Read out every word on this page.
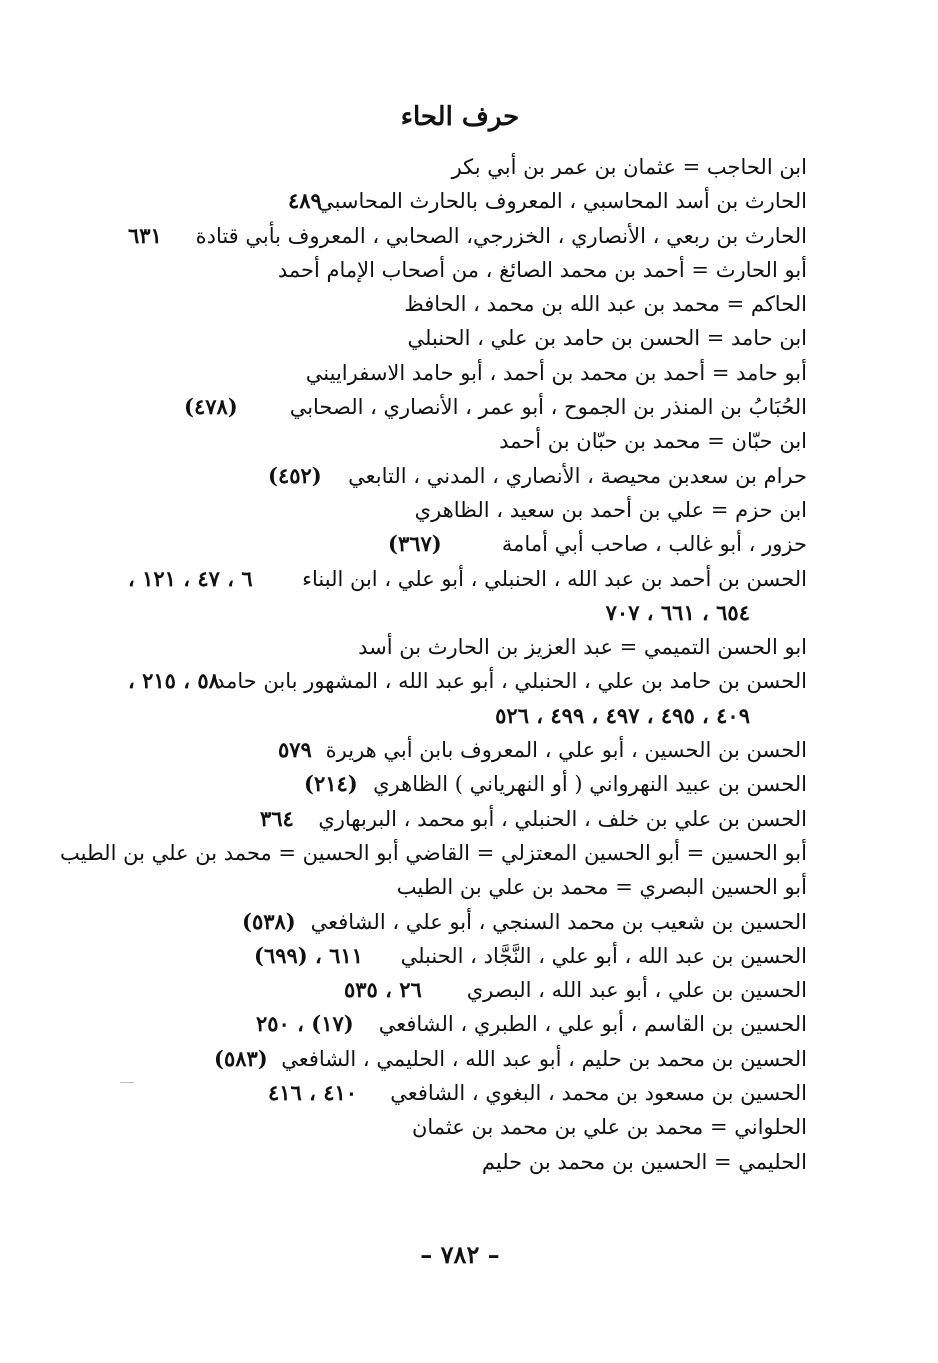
حرف الحاء
ابن الحاجب = عثمان بن عمر بن أبي بكر
الحارث بن أسد المحاسبي ، المعروف بالحارث المحاسبي
٤٨٩
الحارث بن ربعي ، الأنصاري ، الخزرجي، الصحابي ، المعروف بأبي قتادة
٦٣١
أبو الحارث = أحمد بن محمد الصائغ ، من أصحاب الإمام أحمد
الحاكم = محمد بن عبد الله بن محمد ، الحافظ
ابن حامد = الحسن بن حامد بن علي ، الحنبلي
أبو حامد = أحمد بن محمد بن أحمد ، أبو حامد الاسفراييني
الحُبَابُ بن المنذر بن الجموح ، أبو عمر ، الأنصاري ، الصحابي
(٤٧٨)
ابن حبّان = محمد بن حبّان بن أحمد
حرام بن سعدبن محيصة ، الأنصاري ، المدني ، التابعي
(٤٥٢)
ابن حزم = علي بن أحمد بن سعيد ، الظاهري
حزور ، أبو غالب ، صاحب أبي أمامة
(٣٦٧)
الحسن بن أحمد بن عبد الله ، الحنبلي ، أبو علي ، ابن البناء
٦ ، ٤٧ ، ١٢١ ،
٦٥٤ ، ٦٦١ ، ٧٠٧
ابو الحسن التميمي = عبد العزيز بن الحارث بن أسد
الحسن بن حامد بن علي ، الحنبلي ، أبو عبد الله ، المشهور بابن حامد
٥٨ ، ٢١٥ ،
٤٠٩ ، ٤٩٥ ، ٤٩٧ ، ٤٩٩ ، ٥٢٦
الحسن بن الحسين ، أبو علي ، المعروف بابن أبي هريرة
٥٧٩
الحسن بن عبيد النهرواني ( أو النهرياني ) الظاهري
(٢١٤)
الحسن بن علي بن خلف ، الحنبلي ، أبو محمد ، البربهاري
٣٦٤
أبو الحسين = أبو الحسين المعتزلي = القاضي أبو الحسين = محمد بن علي بن الطيب
أبو الحسين البصري = محمد بن علي بن الطيب
الحسين بن شعيب بن محمد السنجي ، أبو علي ، الشافعي
(٥٣٨)
الحسين بن عبد الله ، أبو علي ، النَّجَّاد ، الحنبلي
٦١١ ، (٦٩٩)
الحسين بن علي ، أبو عبد الله ، البصري
٢٦ ، ٥٣٥
الحسين بن القاسم ، أبو علي ، الطبري ، الشافعي
(١٧) ، ٢٥٠
الحسين بن محمد بن حليم ، أبو عبد الله ، الحليمي ، الشافعي
(٥٨٣)
الحسين بن مسعود بن محمد ، البغوي ، الشافعي
٤١٠ ، ٤١٦
الحلواني = محمد بن علي بن محمد بن عثمان
الحليمي = الحسين بن محمد بن حليم
– ٧٨٢ –
